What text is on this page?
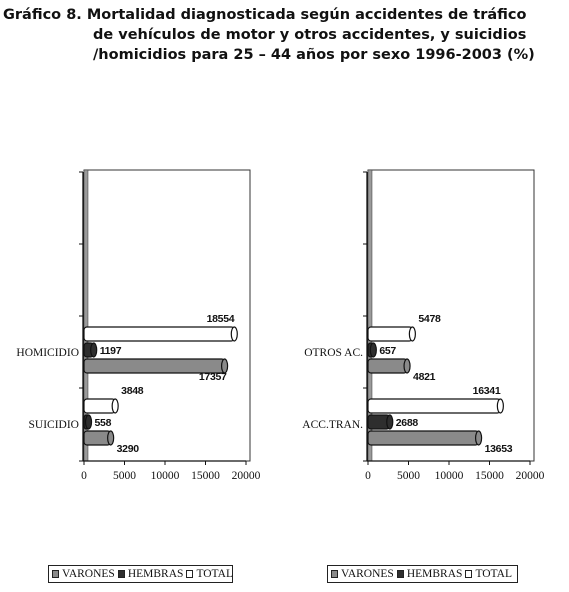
Gráfico 8. Mortalidad diagnosticada según accidentes de tráfico
de vehículos de motor y otros accidentes, y suicidios
/homicidios para 25 – 44 años por sexo 1996-2003 (%)
0 5000 10000 15000 20000
SUICIDIO
HOMICIDIO
3290
17357
558
1197
3848
18554
0 5000 10000 15000 20000
ACC.TRAN.
OTROS AC.
13653
4821
2688
657
16341
5478
VARONES HEMBRAS TOTAL	VARONES HEMBRAS TOTAL
